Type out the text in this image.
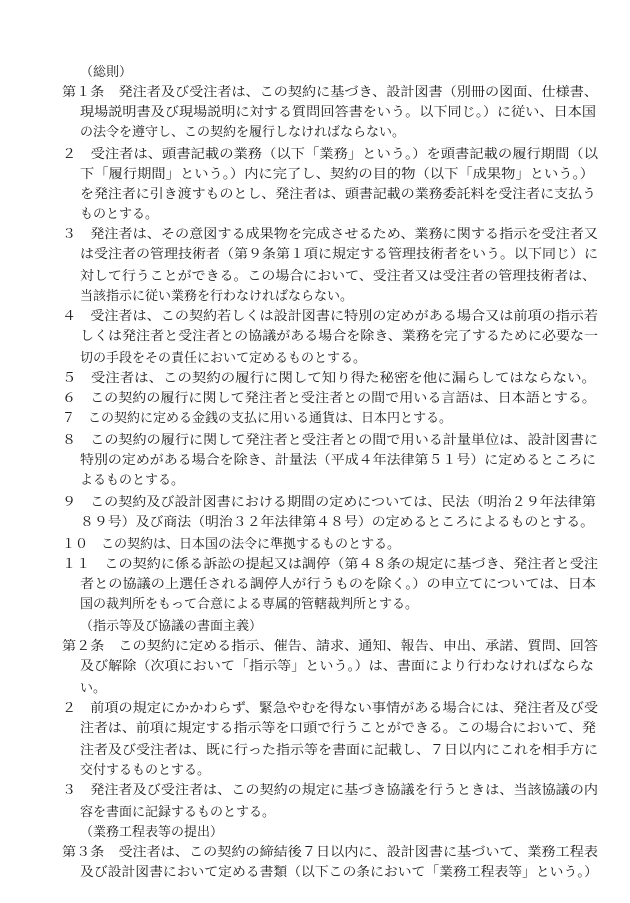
（総則）
第１条　発注者及び受注者は、この契約に基づき、設計図書（別冊の図面、仕様書、
現場説明書及び現場説明に対する質問回答書をいう。以下同じ。）に従い、日本国
の法令を遵守し、この契約を履行しなければならない。
２　受注者は、頭書記載の業務（以下「業務」という。）を頭書記載の履行期間（以
下「履行期間」という。）内に完了し、契約の目的物（以下「成果物」という。）
を発注者に引き渡すものとし、発注者は、頭書記載の業務委託料を受注者に支払う
ものとする。
３　発注者は、その意図する成果物を完成させるため、業務に関する指示を受注者又
は受注者の管理技術者（第９条第１項に規定する管理技術者をいう。以下同じ）に
対して行うことができる。この場合において、受注者又は受注者の管理技術者は、
当該指示に従い業務を行わなければならない。
４　受注者は、この契約若しくは設計図書に特別の定めがある場合又は前項の指示若
しくは発注者と受注者との協議がある場合を除き、業務を完了するために必要な一
切の手段をその責任において定めるものとする。
５　受注者は、この契約の履行に関して知り得た秘密を他に漏らしてはならない。
６　この契約の履行に関して発注者と受注者との間で用いる言語は、日本語とする。
７　この契約に定める金銭の支払に用いる通貨は、日本円とする。
８　この契約の履行に関して発注者と受注者との間で用いる計量単位は、設計図書に
特別の定めがある場合を除き、計量法（平成４年法律第５１号）に定めるところに
よるものとする。
９　この契約及び設計図書における期間の定めについては、民法（明治２９年法律第
８９号）及び商法（明治３２年法律第４８号）の定めるところによるものとする。
１０　この契約は、日本国の法令に準拠するものとする。
１１　この契約に係る訴訟の提起又は調停（第４８条の規定に基づき、発注者と受注
者との協議の上選任される調停人が行うものを除く。）の申立てについては、日本
国の裁判所をもって合意による専属的管轄裁判所とする。
（指示等及び協議の書面主義）
第２条　この契約に定める指示、催告、請求、通知、報告、申出、承諾、質問、回答
及び解除（次項において「指示等」という。）は、書面により行わなければならな
い。
２　前項の規定にかかわらず、緊急やむを得ない事情がある場合には、発注者及び受
注者は、前項に規定する指示等を口頭で行うことができる。この場合において、発
注者及び受注者は、既に行った指示等を書面に記載し、７日以内にこれを相手方に
交付するものとする。
３　発注者及び受注者は、この契約の規定に基づき協議を行うときは、当該協議の内
容を書面に記録するものとする。
（業務工程表等の提出）
第３条　受注者は、この契約の締結後７日以内に、設計図書に基づいて、業務工程表
及び設計図書において定める書類（以下この条において「業務工程表等」という。）
